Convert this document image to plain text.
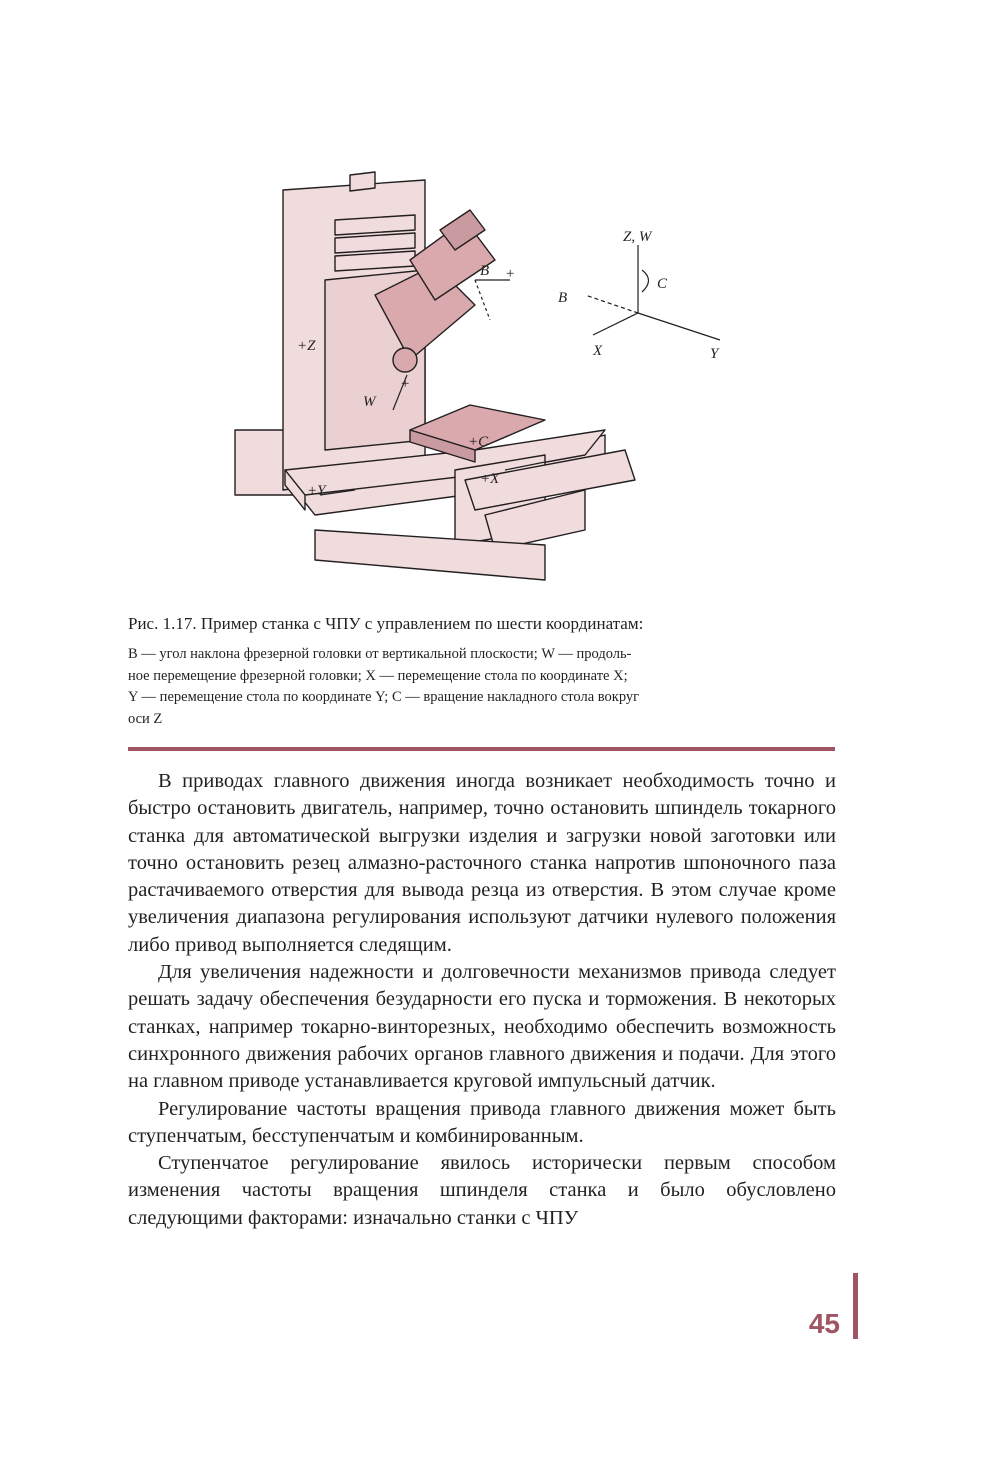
+Z
W
+
+Y
+X
+C
B +
Z, W
C
B
X	Y
Рис. 1.17. Пример станка с ЧПУ с управлением по шести координатам:
B — угол наклона фрезерной головки от вертикальной плоскости; W — продоль-
ное перемещение фрезерной головки; X — перемещение стола по координате X;
Y — перемещение стола по координате Y; C — вращение накладного стола вокруг
оси Z

В приводах главного движения иногда возникает необходимость точно и быстро остановить двигатель, например, точно остановить шпиндель токарного станка для автоматической выгрузки изделия и загрузки новой заготовки или точно остановить резец алмазно-расточного станка напротив шпоночного паза растачиваемого отверстия для вывода резца из отверстия. В этом случае кроме увеличения диапазона регулирования используют датчики нулевого положения либо привод выполняется следящим.

Для увеличения надежности и долговечности механизмов привода следует решать задачу обеспечения безударности его пуска и торможения. В некоторых станках, например токарно-винторезных, необходимо обеспечить возможность синхронного движения рабочих органов главного движения и подачи. Для этого на главном приводе устанавливается круговой импульсный датчик.

Регулирование частоты вращения привода главного движения может быть ступенчатым, бесступенчатым и комбинированным.

Ступенчатое регулирование явилось исторически первым способом изменения частоты вращения шпинделя станка и было обусловлено следующими факторами: изначально станки с ЧПУ

45
